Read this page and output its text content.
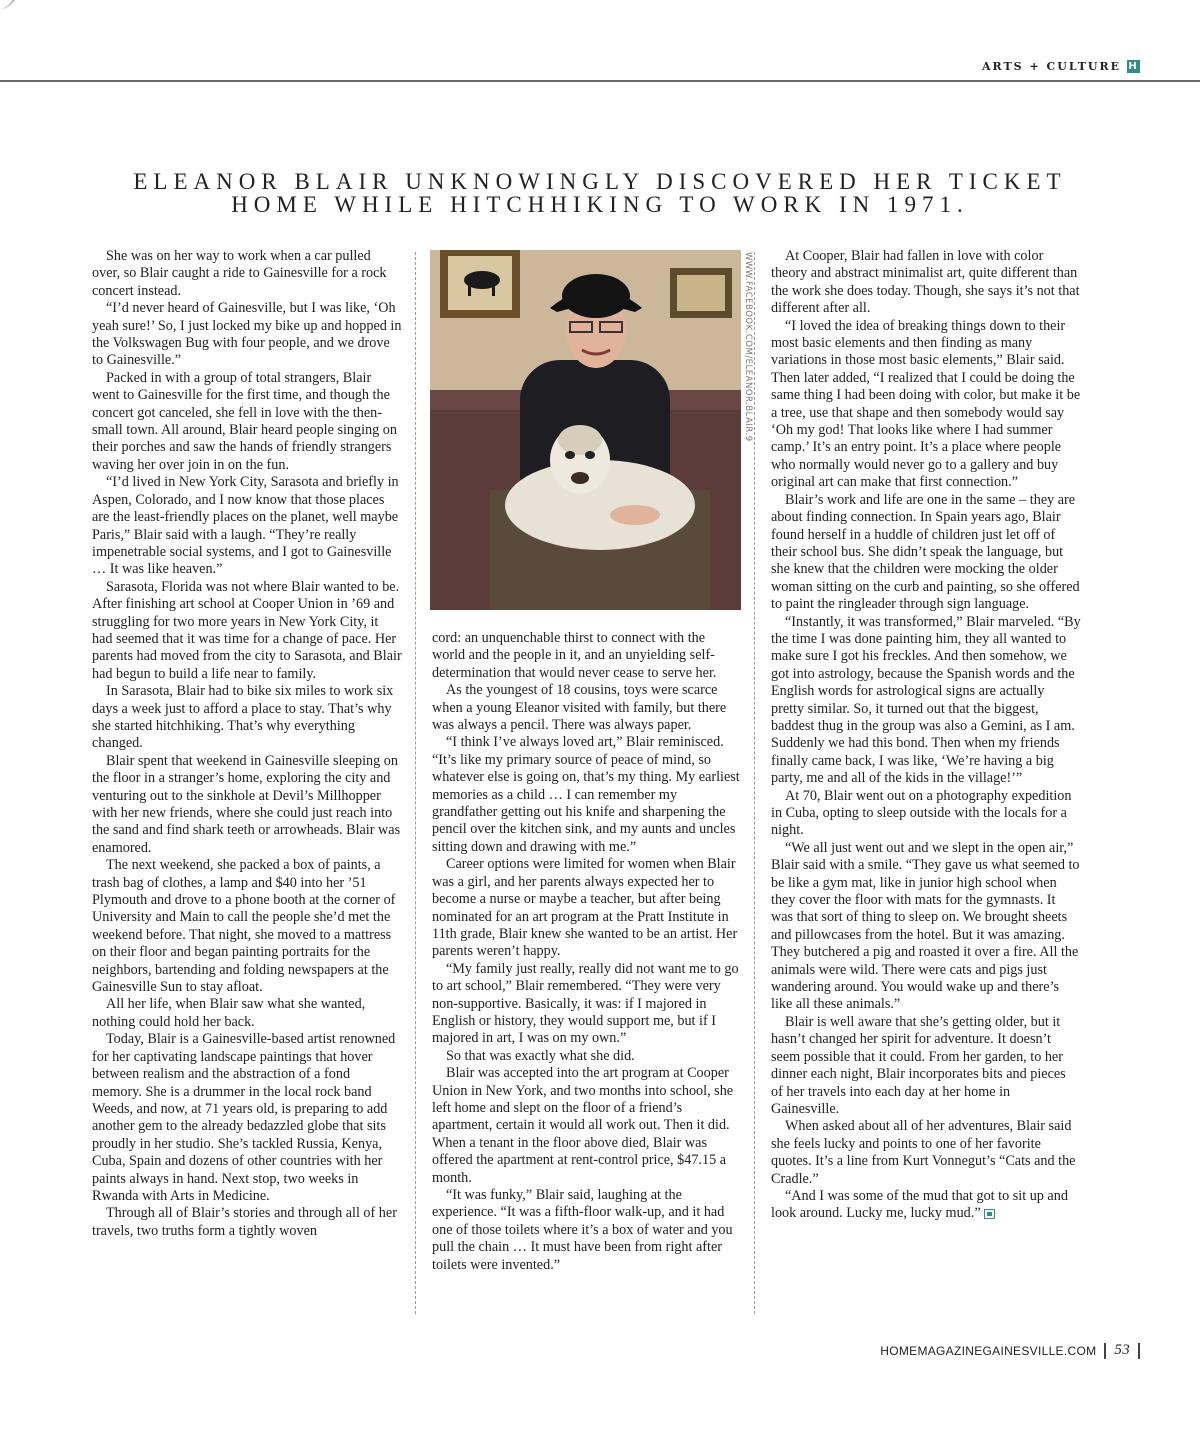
ARTS + CULTURE H
ELEANOR BLAIR UNKNOWINGLY DISCOVERED HER TICKET
HOME WHILE HITCHHIKING TO WORK IN 1971.

She was on her way to work when a car pulled over, so Blair caught a ride to Gainesville for a rock concert instead.

“I’d never heard of Gainesville, but I was like, ‘Oh yeah sure!’ So, I just locked my bike up and hopped in the Volkswagen Bug with four people, and we drove to Gainesville.”

Packed in with a group of total strangers, Blair went to Gainesville for the first time, and though the concert got canceled, she fell in love with the then-small town. All around, Blair heard people singing on their porches and saw the hands of friendly strangers waving her over join in on the fun.

“I’d lived in New York City, Sarasota and briefly in Aspen, Colorado, and I now know that those places are the least-friendly places on the planet, well maybe Paris,” Blair said with a laugh. “They’re really impenetrable social systems, and I got to Gainesville … It was like heaven.”

Sarasota, Florida was not where Blair wanted to be. After finishing art school at Cooper Union in ’69 and struggling for two more years in New York City, it had seemed that it was time for a change of pace. Her parents had moved from the city to Sarasota, and Blair had begun to build a life near to family.

In Sarasota, Blair had to bike six miles to work six days a week just to afford a place to stay. That’s why she started hitchhiking. That’s why everything changed.

Blair spent that weekend in Gainesville sleeping on the floor in a stranger’s home, exploring the city and venturing out to the sinkhole at Devil’s Millhopper with her new friends, where she could just reach into the sand and find shark teeth or arrowheads. Blair was enamored.

The next weekend, she packed a box of paints, a trash bag of clothes, a lamp and $40 into her ’51 Plymouth and drove to a phone booth at the corner of University and Main to call the people she’d met the weekend before. That night, she moved to a mattress on their floor and began painting portraits for the neighbors, bartending and folding newspapers at the Gainesville Sun to stay afloat.

All her life, when Blair saw what she wanted, nothing could hold her back.

Today, Blair is a Gainesville-based artist renowned for her captivating landscape paintings that hover between realism and the abstraction of a fond memory. She is a drummer in the local rock band Weeds, and now, at 71 years old, is preparing to add another gem to the already bedazzled globe that sits proudly in her studio. She’s tackled Russia, Kenya, Cuba, Spain and dozens of other countries with her paints always in hand. Next stop, two weeks in Rwanda with Arts in Medicine.

Through all of Blair’s stories and through all of her travels, two truths form a tightly woven

WWW.FACEBOOK.COM/ELEANOR.BLAIR.9

cord: an unquenchable thirst to connect with the world and the people in it, and an unyielding self-determination that would never cease to serve her.

As the youngest of 18 cousins, toys were scarce when a young Eleanor visited with family, but there was always a pencil. There was always paper.

“I think I’ve always loved art,” Blair reminisced. “It’s like my primary source of peace of mind, so whatever else is going on, that’s my thing. My earliest memories as a child … I can remember my grandfather getting out his knife and sharpening the pencil over the kitchen sink, and my aunts and uncles sitting down and drawing with me.”

Career options were limited for women when Blair was a girl, and her parents always expected her to become a nurse or maybe a teacher, but after being nominated for an art program at the Pratt Institute in 11th grade, Blair knew she wanted to be an artist. Her parents weren’t happy.

“My family just really, really did not want me to go to art school,” Blair remembered. “They were very non-supportive. Basically, it was: if I majored in English or history, they would support me, but if I majored in art, I was on my own.”

So that was exactly what she did.

Blair was accepted into the art program at Cooper Union in New York, and two months into school, she left home and slept on the floor of a friend’s apartment, certain it would all work out. Then it did. When a tenant in the floor above died, Blair was offered the apartment at rent-control price, $47.15 a month.

“It was funky,” Blair said, laughing at the experience. “It was a fifth-floor walk-up, and it had one of those toilets where it’s a box of water and you pull the chain … It must have been from right after toilets were invented.”

At Cooper, Blair had fallen in love with color theory and abstract minimalist art, quite different than the work she does today. Though, she says it’s not that different after all.

“I loved the idea of breaking things down to their most basic elements and then finding as many variations in those most basic elements,” Blair said. Then later added, “I realized that I could be doing the same thing I had been doing with color, but make it be a tree, use that shape and then somebody would say ‘Oh my god! That looks like where I had summer camp.’ It’s an entry point. It’s a place where people who normally would never go to a gallery and buy original art can make that first connection.”

Blair’s work and life are one in the same – they are about finding connection. In Spain years ago, Blair found herself in a huddle of children just let off of their school bus. She didn’t speak the language, but she knew that the children were mocking the older woman sitting on the curb and painting, so she offered to paint the ringleader through sign language.

“Instantly, it was transformed,” Blair marveled. “By the time I was done painting him, they all wanted to make sure I got his freckles. And then somehow, we got into astrology, because the Spanish words and the English words for astrological signs are actually pretty similar. So, it turned out that the biggest, baddest thug in the group was also a Gemini, as I am. Suddenly we had this bond. Then when my friends finally came back, I was like, ‘We’re having a big party, me and all of the kids in the village!’”

At 70, Blair went out on a photography expedition in Cuba, opting to sleep outside with the locals for a night.

“We all just went out and we slept in the open air,” Blair said with a smile. “They gave us what seemed to be like a gym mat, like in junior high school when they cover the floor with mats for the gymnasts. It was that sort of thing to sleep on. We brought sheets and pillowcases from the hotel. But it was amazing. They butchered a pig and roasted it over a fire. All the animals were wild. There were cats and pigs just wandering around. You would wake up and there’s like all these animals.”

Blair is well aware that she’s getting older, but it hasn’t changed her spirit for adventure. It doesn’t seem possible that it could. From her garden, to her dinner each night, Blair incorporates bits and pieces of her travels into each day at her home in Gainesville.

When asked about all of her adventures, Blair said she feels lucky and points to one of her favorite quotes. It’s a line from Kurt Vonnegut’s “Cats and the Cradle.”

“And I was some of the mud that got to sit up and look around. Lucky me, lucky mud.”

HOMEMAGAZINEGAINESVILLE.COM 53
